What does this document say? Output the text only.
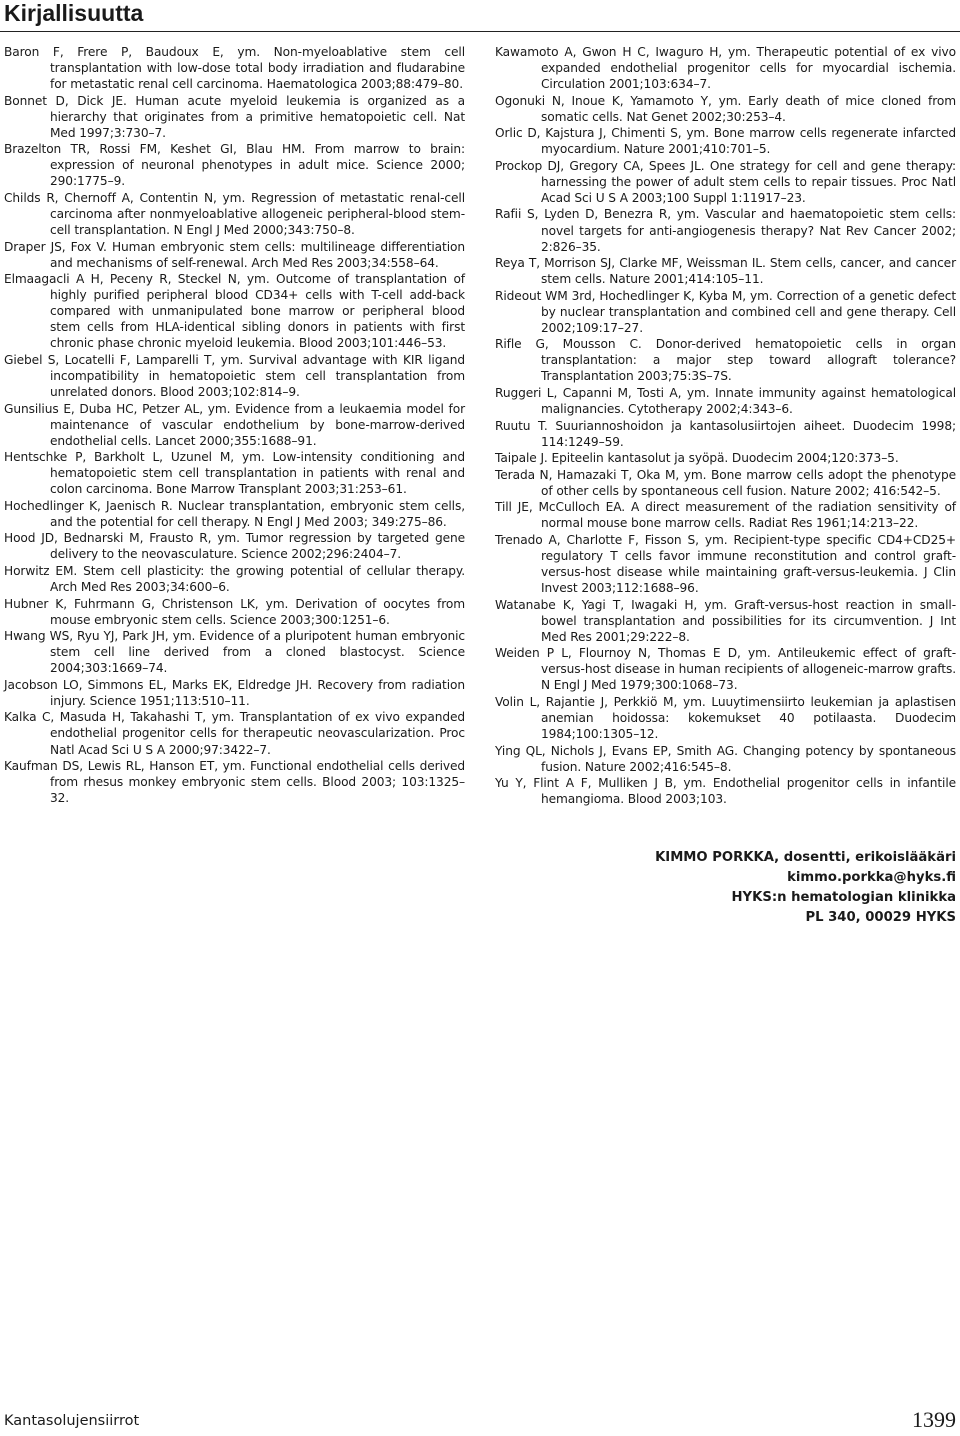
Kirjallisuutta

Baron F, Frere P, Baudoux E, ym. Non-myeloablative stem cell transplantation with low-dose total body irradiation and fludarabine for metastatic renal cell carcinoma. Haematologica 2003;88:479–80.

Bonnet D, Dick JE. Human acute myeloid leukemia is organized as a hierarchy that originates from a primitive hematopoietic cell. Nat Med 1997;3:730–7.

Brazelton TR, Rossi FM, Keshet GI, Blau HM. From marrow to brain: expression of neuronal phenotypes in adult mice. Science 2000; 290:1775–9.

Childs R, Chernoff A, Contentin N, ym. Regression of metastatic renal-cell carcinoma after nonmyeloablative allogeneic peripheral-blood stem-cell transplantation. N Engl J Med 2000;343:750–8.

Draper JS, Fox V. Human embryonic stem cells: multilineage differentiation and mechanisms of self-renewal. Arch Med Res 2003;34:558–64.

Elmaagacli A H, Peceny R, Steckel N, ym. Outcome of transplantation of highly purified peripheral blood CD34+ cells with T-cell add-back compared with unmanipulated bone marrow or peripheral blood stem cells from HLA-identical sibling donors in patients with first chronic phase chronic myeloid leukemia. Blood 2003;101:446–53.

Giebel S, Locatelli F, Lamparelli T, ym. Survival advantage with KIR ligand incompatibility in hematopoietic stem cell transplantation from unrelated donors. Blood 2003;102:814–9.

Gunsilius E, Duba HC, Petzer AL, ym. Evidence from a leukaemia model for maintenance of vascular endothelium by bone-marrow-derived endothelial cells. Lancet 2000;355:1688–91.

Hentschke P, Barkholt L, Uzunel M, ym. Low-intensity conditioning and hematopoietic stem cell transplantation in patients with renal and colon carcinoma. Bone Marrow Transplant 2003;31:253–61.

Hochedlinger K, Jaenisch R. Nuclear transplantation, embryonic stem cells, and the potential for cell therapy. N Engl J Med 2003; 349:275–86.

Hood JD, Bednarski M, Frausto R, ym. Tumor regression by targeted gene delivery to the neovasculature. Science 2002;296:2404–7.

Horwitz EM. Stem cell plasticity: the growing potential of cellular therapy. Arch Med Res 2003;34:600–6.

Hubner K, Fuhrmann G, Christenson LK, ym. Derivation of oocytes from mouse embryonic stem cells. Science 2003;300:1251–6.

Hwang WS, Ryu YJ, Park JH, ym. Evidence of a pluripotent human embryonic stem cell line derived from a cloned blastocyst. Science 2004;303:1669–74.

Jacobson LO, Simmons EL, Marks EK, Eldredge JH. Recovery from radiation injury. Science 1951;113:510–11.

Kalka C, Masuda H, Takahashi T, ym. Transplantation of ex vivo expanded endothelial progenitor cells for therapeutic neovascularization. Proc Natl Acad Sci U S A 2000;97:3422–7.

Kaufman DS, Lewis RL, Hanson ET, ym. Functional endothelial cells derived from rhesus monkey embryonic stem cells. Blood 2003; 103:1325–32.

Kawamoto A, Gwon H C, Iwaguro H, ym. Therapeutic potential of ex vivo expanded endothelial progenitor cells for myocardial ischemia. Circulation 2001;103:634–7.

Ogonuki N, Inoue K, Yamamoto Y, ym. Early death of mice cloned from somatic cells. Nat Genet 2002;30:253–4.

Orlic D, Kajstura J, Chimenti S, ym. Bone marrow cells regenerate infarcted myocardium. Nature 2001;410:701–5.

Prockop DJ, Gregory CA, Spees JL. One strategy for cell and gene therapy: harnessing the power of adult stem cells to repair tissues. Proc Natl Acad Sci U S A 2003;100 Suppl 1:11917–23.

Rafii S, Lyden D, Benezra R, ym. Vascular and haematopoietic stem cells: novel targets for anti-angiogenesis therapy? Nat Rev Cancer 2002; 2:826–35.

Reya T, Morrison SJ, Clarke MF, Weissman IL. Stem cells, cancer, and cancer stem cells. Nature 2001;414:105–11.

Rideout WM 3rd, Hochedlinger K, Kyba M, ym. Correction of a genetic defect by nuclear transplantation and combined cell and gene therapy. Cell 2002;109:17–27.

Rifle G, Mousson C. Donor-derived hematopoietic cells in organ transplantation: a major step toward allograft tolerance? Transplantation 2003;75:3S–7S.

Ruggeri L, Capanni M, Tosti A, ym. Innate immunity against hematological malignancies. Cytotherapy 2002;4:343–6.

Ruutu T. Suuriannoshoidon ja kantasolusiirtojen aiheet. Duodecim 1998; 114:1249–59.

Taipale J. Epiteelin kantasolut ja syöpä. Duodecim 2004;120:373–5.

Terada N, Hamazaki T, Oka M, ym. Bone marrow cells adopt the phenotype of other cells by spontaneous cell fusion. Nature 2002; 416:542–5.

Till JE, McCulloch EA. A direct measurement of the radiation sensitivity of normal mouse bone marrow cells. Radiat Res 1961;14:213–22.

Trenado A, Charlotte F, Fisson S, ym. Recipient-type specific CD4+CD25+ regulatory T cells favor immune reconstitution and control graft-versus-host disease while maintaining graft-versus-leukemia. J Clin Invest 2003;112:1688–96.

Watanabe K, Yagi T, Iwagaki H, ym. Graft-versus-host reaction in small-bowel transplantation and possibilities for its circumvention. J Int Med Res 2001;29:222–8.

Weiden P L, Flournoy N, Thomas E D, ym. Antileukemic effect of graft-versus-host disease in human recipients of allogeneic-marrow grafts. N Engl J Med 1979;300:1068–73.

Volin L, Rajantie J, Perkkiö M, ym. Luuytimensiirto leukemian ja aplastisen anemian hoidossa: kokemukset 40 potilaasta. Duodecim 1984;100:1305–12.

Ying QL, Nichols J, Evans EP, Smith AG. Changing potency by spontaneous fusion. Nature 2002;416:545–8.

Yu Y, Flint A F, Mulliken J B, ym. Endothelial progenitor cells in infantile hemangioma. Blood 2003;103.

KIMMO PORKKA, dosentti, erikoislääkäri
kimmo.porkka@hyks.fi
HYKS:n hematologian klinikka
PL 340, 00029 HYKS
Kantasolujensiirrot	1399
